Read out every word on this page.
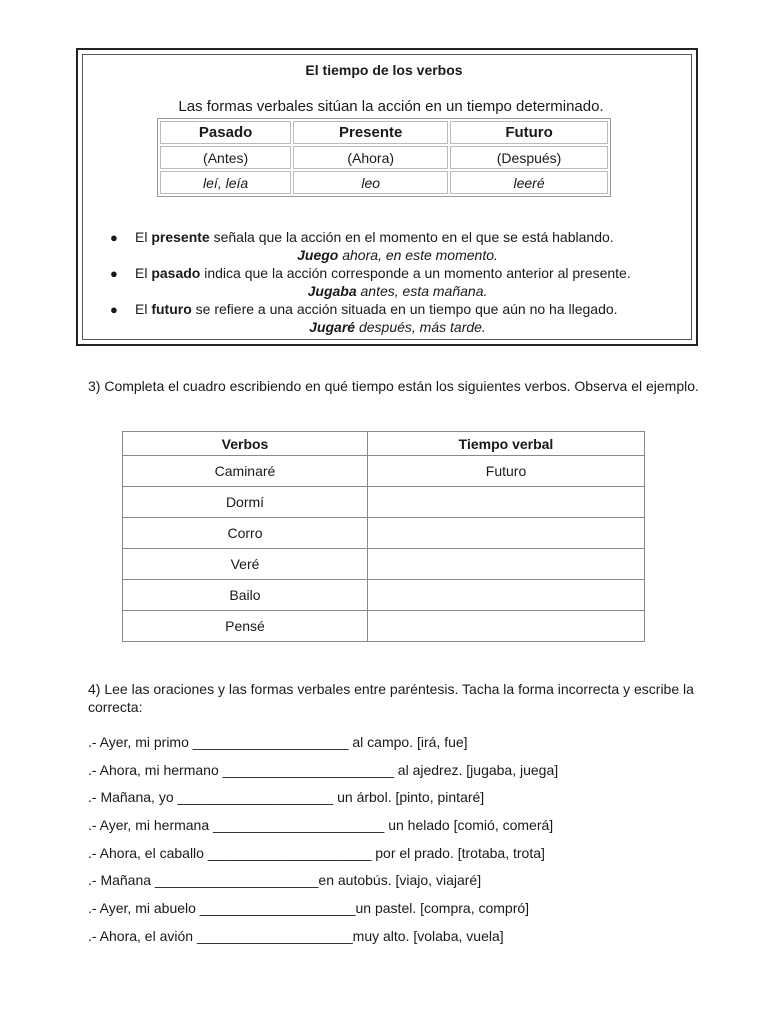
El tiempo de los verbos
Las formas verbales sitúan la acción en un tiempo determinado.
Pasado	Presente	Futuro
(Antes)	(Ahora)	(Después)
leí, leía	leo	leeré
● El presente señala que la acción en el momento en el que se está hablando.
Juego ahora, en este momento.
● El pasado indica que la acción corresponde a un momento anterior al presente.
Jugaba antes, esta mañana.
● El futuro se refiere a una acción situada en un tiempo que aún no ha llegado.
Jugaré después, más tarde.
3) Completa el cuadro escribiendo en qué tiempo están los siguientes verbos. Observa el ejemplo.
Verbos	Tiempo verbal
Caminaré	Futuro
Dormí	
Corro	
Veré	
Bailo	
Pensé	
4) Lee las oraciones y las formas verbales entre paréntesis. Tacha la forma incorrecta y escribe la correcta:
.- Ayer, mi primo ____________________ al campo. [irá, fue]
.- Ahora, mi hermano ______________________ al ajedrez. [jugaba, juega]
.- Mañana, yo ____________________ un árbol. [pinto, pintaré]
.- Ayer, mi hermana ______________________ un helado [comió, comerá]
.- Ahora, el caballo _____________________ por el prado. [trotaba, trota]
.- Mañana _____________________en autobús. [viajo, viajaré]
.- Ayer, mi abuelo ____________________un pastel. [compra, compró]
.- Ahora, el avión ____________________muy alto. [volaba, vuela]
